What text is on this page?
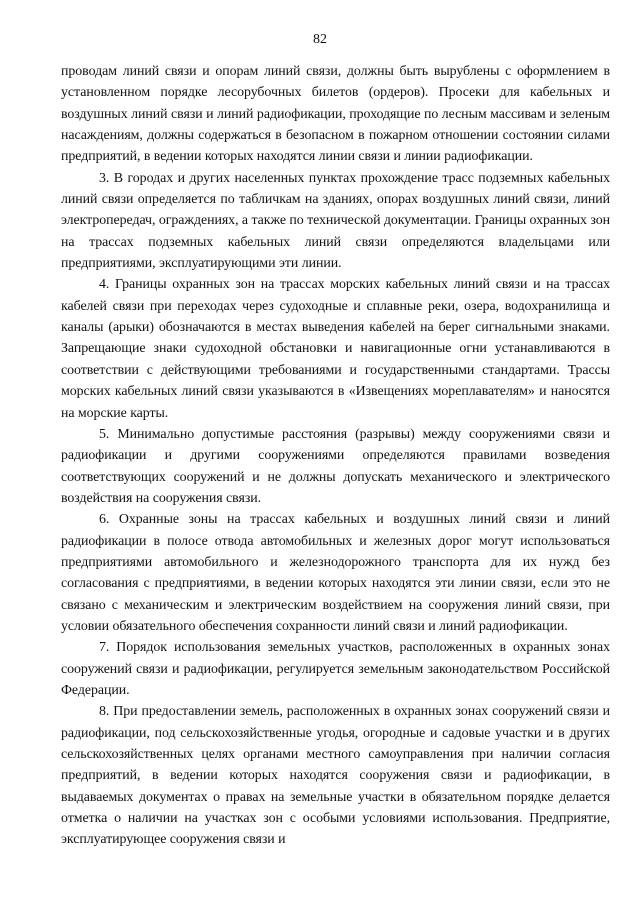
82

проводам линий связи и опорам линий связи, должны быть вырублены с оформлением в установленном порядке лесорубочных билетов (ордеров). Просеки для кабельных и воздушных линий связи и линий радиофикации, проходящие по лесным массивам и зеленым насаждениям, должны содержаться в безопасном в пожарном отношении состоянии силами предприятий, в ведении которых находятся линии связи и линии радиофикации.

3. В городах и других населенных пунктах прохождение трасс подземных кабельных линий связи определяется по табличкам на зданиях, опорах воздушных линий связи, линий электропередач, ограждениях, а также по технической документации. Границы охранных зон на трассах подземных кабельных линий связи определяются владельцами или предприятиями, эксплуатирующими эти линии.

4. Границы охранных зон на трассах морских кабельных линий связи и на трассах кабелей связи при переходах через судоходные и сплавные реки, озера, водохранилища и каналы (арыки) обозначаются в местах выведения кабелей на берег сигнальными знаками. Запрещающие знаки судоходной обстановки и навигационные огни устанавливаются в соответствии с действующими требованиями и государственными стандартами. Трассы морских кабельных линий связи указываются в «Извещениях мореплавателям» и наносятся на морские карты.

5. Минимально допустимые расстояния (разрывы) между сооружениями связи и радиофикации и другими сооружениями определяются правилами возведения соответствующих сооружений и не должны допускать механического и электрического воздействия на сооружения связи.

6. Охранные зоны на трассах кабельных и воздушных линий связи и линий радиофикации в полосе отвода автомобильных и железных дорог могут использоваться предприятиями автомобильного и железнодорожного транспорта для их нужд без согласования с предприятиями, в ведении которых находятся эти линии связи, если это не связано с механическим и электрическим воздействием на сооружения линий связи, при условии обязательного обеспечения сохранности линий связи и линий радиофикации.

7. Порядок использования земельных участков, расположенных в охранных зонах сооружений связи и радиофикации, регулируется земельным законодательством Российской Федерации.

8. При предоставлении земель, расположенных в охранных зонах сооружений связи и радиофикации, под сельскохозяйственные угодья, огородные и садовые участки и в других сельскохозяйственных целях органами местного самоуправления при наличии согласия предприятий, в ведении которых находятся сооружения связи и радиофикации, в выдаваемых документах о правах на земельные участки в обязательном порядке делается отметка о наличии на участках зон с особыми условиями использования. Предприятие, эксплуатирующее сооружения связи и
